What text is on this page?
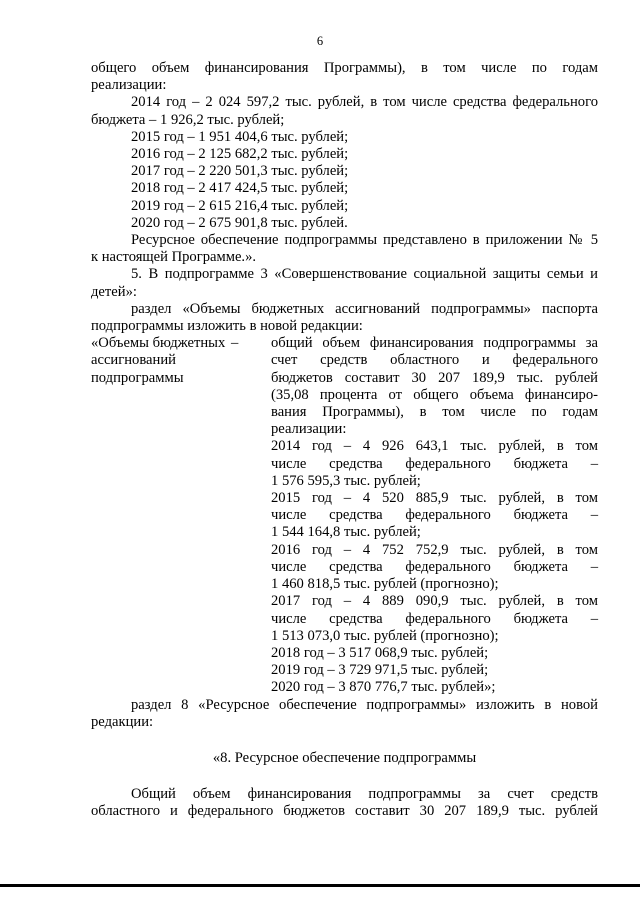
6

общего объем финансирования Программы), в том числе по годам

реализации:

2014 год – 2 024 597,2 тыс. рублей, в том числе средства федерального

бюджета – 1 926,2 тыс. рублей;

2015 год – 1 951 404,6 тыс. рублей;

2016 год – 2 125 682,2 тыс. рублей;

2017 год – 2 220 501,3 тыс. рублей;

2018 год – 2 417 424,5 тыс. рублей;

2019 год – 2 615 216,4 тыс. рублей;

2020 год – 2 675 901,8 тыс. рублей.

Ресурсное обеспечение подпрограммы представлено в приложении № 5

к настоящей Программе.».

5. В подпрограмме 3 «Совершенствование социальной защиты семьи и

детей»:

раздел «Объемы бюджетных ассигнований подпрограммы» паспорта

подпрограммы изложить в новой редакции:

«Объемы бюджетных

ассигнований

подпрограммы

–	общий объем финансирования подпрограммы за

счет средств областного и федерального

бюджетов составит 30 207 189,9 тыс. рублей

(35,08 процента от общего объема финансиро-

вания Программы), в том числе по годам

реализации:

2014 год – 4 926 643,1 тыс. рублей, в том

числе средства федерального бюджета –

1 576 595,3 тыс. рублей;

2015 год – 4 520 885,9 тыс. рублей, в том

числе средства федерального бюджета –

1 544 164,8 тыс. рублей;

2016 год – 4 752 752,9 тыс. рублей, в том

числе средства федерального бюджета –

1 460 818,5 тыс. рублей (прогнозно);

2017 год – 4 889 090,9 тыс. рублей, в том

числе средства федерального бюджета –

1 513 073,0 тыс. рублей (прогнозно);

2018 год – 3 517 068,9 тыс. рублей;

2019 год – 3 729 971,5 тыс. рублей;

2020 год – 3 870 776,7 тыс. рублей»;

раздел 8 «Ресурсное обеспечение подпрограммы» изложить в новой

редакции:

«8. Ресурсное обеспечение подпрограммы

Общий объем финансирования подпрограммы за счет средств

областного и федерального бюджетов составит 30 207 189,9 тыс. рублей
